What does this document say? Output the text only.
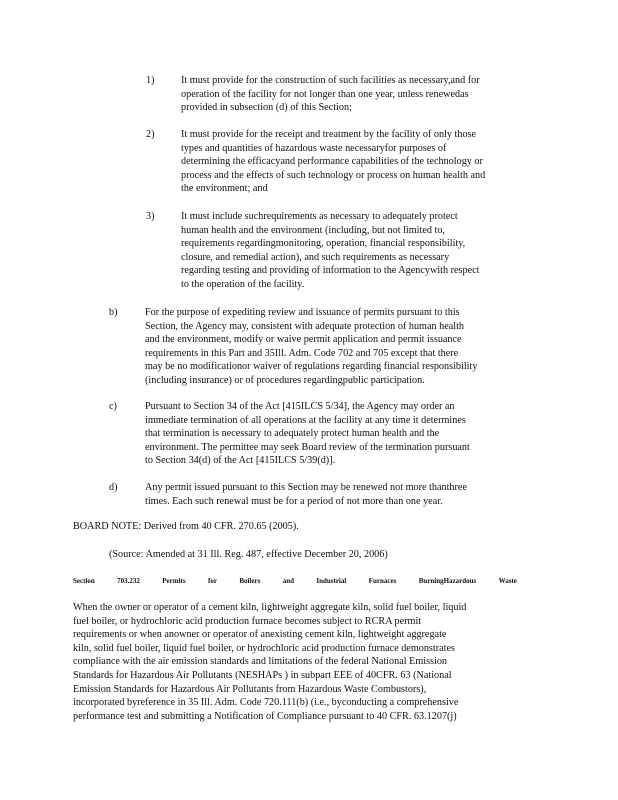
1)	It must provide for the construction of such facilities as necessary,and for
operation of the facility for not longer than one year, unless renewedas
provided in subsection (d) of this Section;
2)	It must provide for the receipt and treatment by the facility of only those
types and quantities of hazardous waste necessaryfor purposes of
determining the efficacyand performance capabilities of the technology or
process and the effects of such technology or process on human health and
the environment; and
3)	It must include suchrequirements as necessary to adequately protect
human health and the environment (including, but not limited to,
requirements regardingmonitoring, operation, financial responsibility,
closure, and remedial action), and such requirements as necessary
regarding testing and providing of information to the Agencywith respect
to the operation of the facility.
b)	For the purpose of expediting review and issuance of permits pursuant to this
Section, the Agency may, consistent with adequate protection of human health
and the environment, modify or waive permit application and permit issuance
requirements in this Part and 35Ill. Adm. Code 702 and 705 except that there
may be no modificationor waiver of regulations regarding financial responsibility
(including insurance) or of procedures regardingpublic participation.
c)	Pursuant to Section 34 of the Act [415ILCS 5/34], the Agency may order an
immediate termination of all operations at the facility at any time it determines
that termination is necessary to adequately protect human health and the
environment. The permittee may seek Board review of the termination pursuant
to Section 34(d) of the Act [415ILCS 5/39(d)].
d)	Any permit issued pursuant to this Section may be renewed not more thanthree
times. Each such renewal must be for a period of not more than one year.
BOARD NOTE: Derived from 40 CFR. 270.65 (2005).
(Source: Amended at 31 Ill. Reg. 487, effective December 20, 2006)
Section	703.232	Permits	for	Boilers	and	Industrial	Furnaces	BurningHazardous	Waste
When the owner or operator of a cement kiln, lightweight aggregate kiln, solid fuel boiler, liquid
fuel boiler, or hydrochloric acid production furnace becomes subject to RCRA permit
requirements or when anowner or operator of anexisting cement kiln, lightweight aggregate
kiln, solid fuel boiler, liquid fuel boiler, or hydrochloric acid production furnace demonstrates
compliance with the air emission standards and limitations of the federal National Emission
Standards for Hazardous Air Pollutants (NESHAPs ) in subpart EEE of 40CFR. 63 (National
Emission Standards for Hazardous Air Pollutants from Hazardous Waste Combustors),
incorporated byreference in 35 Ill. Adm. Code 720.111(b) (i.e., byconducting a comprehensive
performance test and submitting a Notification of Compliance pursuant to 40 CFR. 63.1207(j)
